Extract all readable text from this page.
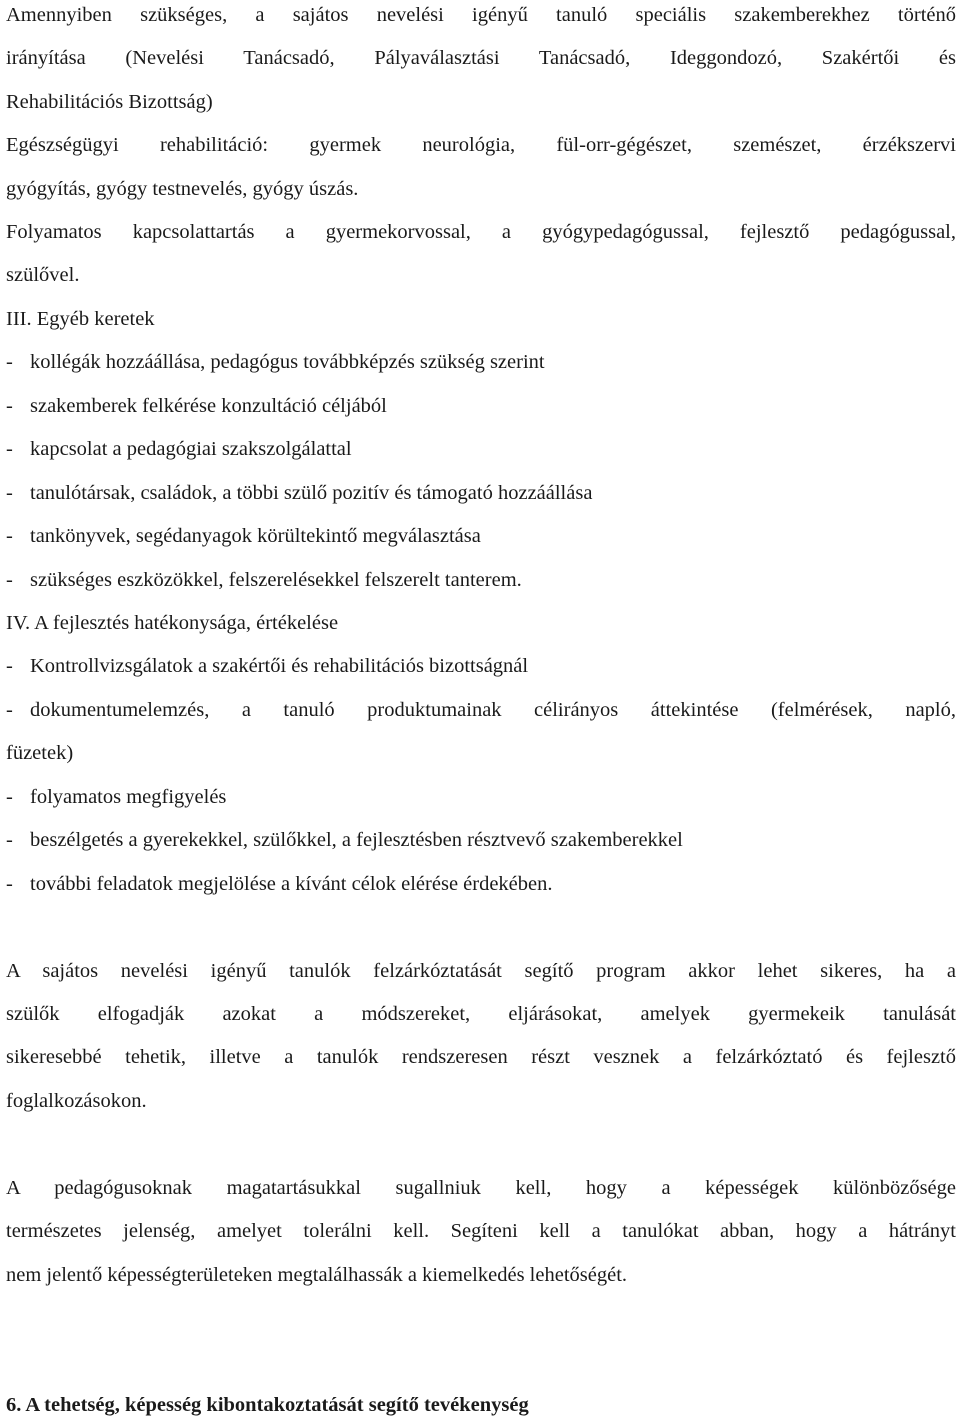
Amennyiben szükséges, a sajátos nevelési igényű tanuló speciális szakemberekhez történő
irányítása (Nevelési Tanácsadó, Pályaválasztási Tanácsadó, Ideggondozó, Szakértői és
Rehabilitációs Bizottság)
Egészségügyi rehabilitáció: gyermek neurológia, fül-orr-gégészet, szemészet, érzékszervi
gyógyítás, gyógy testnevelés, gyógy úszás.
Folyamatos kapcsolattartás a gyermekorvossal, a gyógypedagógussal, fejlesztő pedagógussal,
szülővel.
III. Egyéb keretek
- kollégák hozzáállása, pedagógus továbbképzés szükség szerint
- szakemberek felkérése konzultáció céljából
- kapcsolat a pedagógiai szakszolgálattal
- tanulótársak, családok, a többi szülő pozitív és támogató hozzáállása
- tankönyvek, segédanyagok körültekintő megválasztása
- szükséges eszközökkel, felszerelésekkel felszerelt tanterem.
IV. A fejlesztés hatékonysága, értékelése
- Kontrollvizsgálatok a szakértői és rehabilitációs bizottságnál
- dokumentumelemzés, a tanuló produktumainak célirányos áttekintése (felmérések, napló,
füzetek)
- folyamatos megfigyelés
- beszélgetés a gyerekekkel, szülőkkel, a fejlesztésben résztvevő szakemberekkel
- további feladatok megjelölése a kívánt célok elérése érdekében.
A sajátos nevelési igényű tanulók felzárkóztatását segítő program akkor lehet sikeres, ha a
szülők elfogadják azokat a módszereket, eljárásokat, amelyek gyermekeik tanulását
sikeresebbé tehetik, illetve a tanulók rendszeresen részt vesznek a felzárkóztató és fejlesztő
foglalkozásokon.
A pedagógusoknak magatartásukkal sugallniuk kell, hogy a képességek különbözősége
természetes jelenség, amelyet tolerálni kell. Segíteni kell a tanulókat abban, hogy a hátrányt
nem jelentő képességterületeken megtalálhassák a kiemelkedés lehetőségét.
6. A tehetség, képesség kibontakoztatását segítő tevékenység
